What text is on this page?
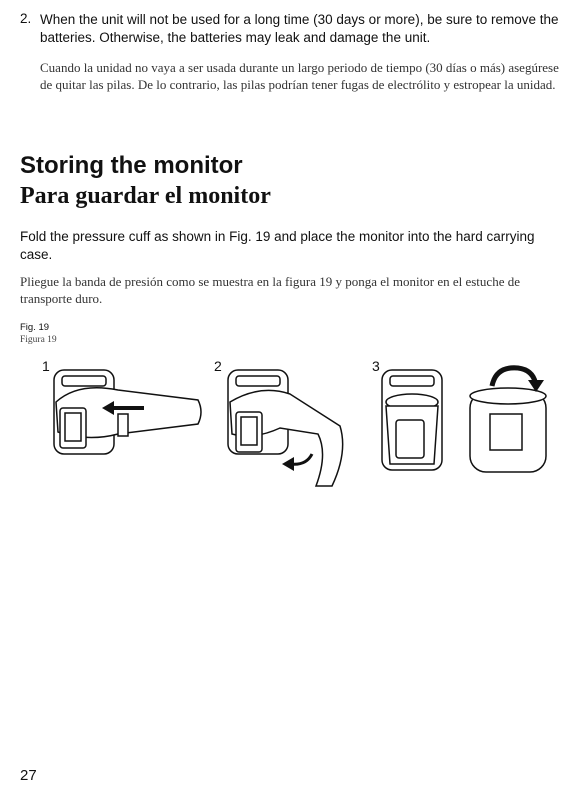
2. When the unit will not be used for a long time (30 days or more), be sure to remove the batteries. Otherwise, the batteries may leak and damage the unit.
Cuando la unidad no vaya a ser usada durante un largo periodo de tiempo (30 días o más) asegúrese de quitar las pilas. De lo contrario, las pilas podrían tener fugas de electrólito y estropear la unidad.
Storing the monitor
Para guardar el monitor

Fold the pressure cuff as shown in Fig. 19 and place the monitor into the hard carrying case.

Pliegue la banda de presión como se muestra en la figura 19 y ponga el monitor en el estuche de transporte duro.

Fig. 19
Figura 19
1	2	3
27
